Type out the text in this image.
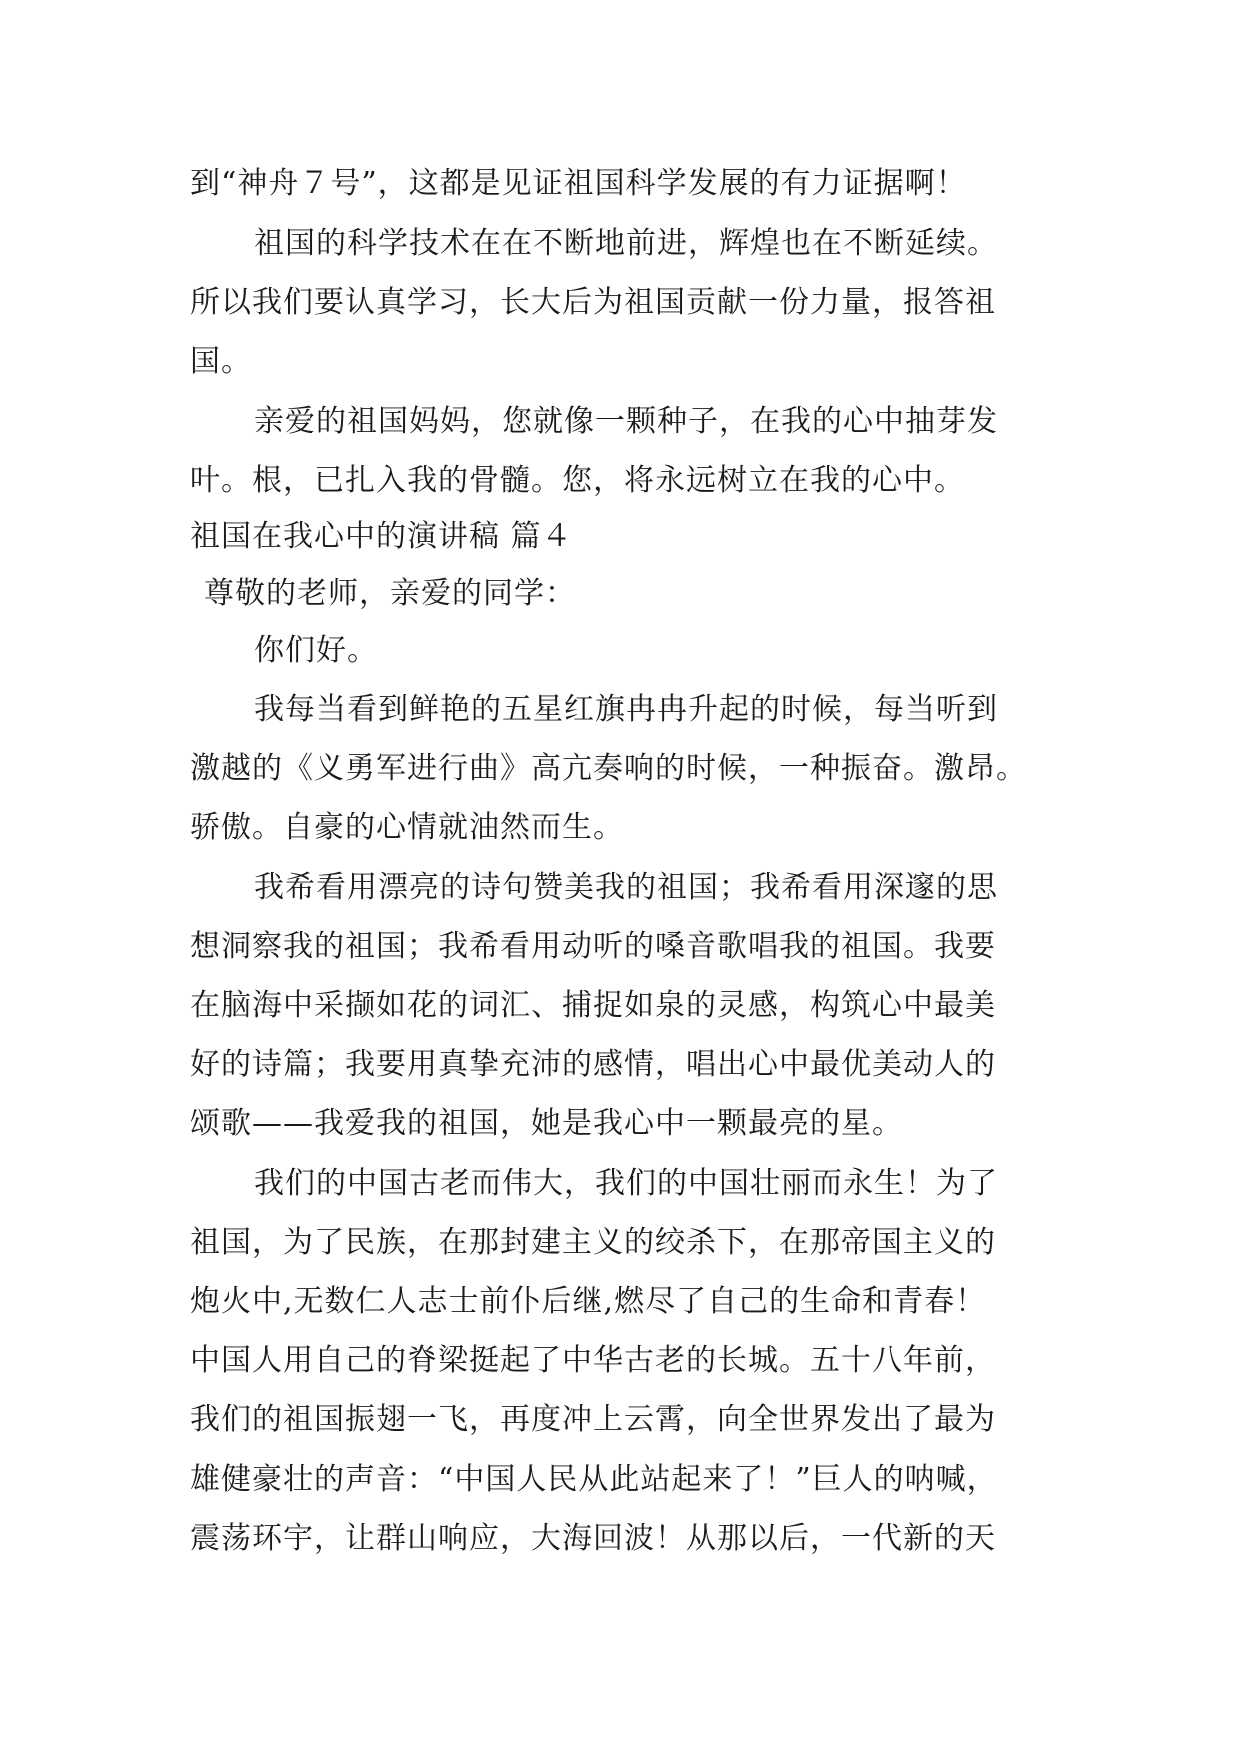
到“神舟７号”，这都是见证祖国科学发展的有力证据啊！
祖国的科学技术在在不断地前进，辉煌也在不断延续。
所以我们要认真学习，长大后为祖国贡献一份力量，报答祖
国。
亲爱的祖国妈妈，您就像一颗种子，在我的心中抽芽发
叶。根，已扎入我的骨髓。您，将永远树立在我的心中。
祖国在我心中的演讲稿 篇４
尊敬的老师，亲爱的同学：
你们好。
我每当看到鲜艳的五星红旗冉冉升起的时候，每当听到
激越的《义勇军进行曲》高亢奏响的时候，一种振奋。激昂。
骄傲。自豪的心情就油然而生。
我希看用漂亮的诗句赞美我的祖国；我希看用深邃的思
想洞察我的祖国；我希看用动听的嗓音歌唱我的祖国。我要
在脑海中采撷如花的词汇、捕捉如泉的灵感，构筑心中最美
好的诗篇；我要用真挚充沛的感情，唱出心中最优美动人的
颂歌——我爱我的祖国，她是我心中一颗最亮的星。
我们的中国古老而伟大，我们的中国壮丽而永生！为了
祖国，为了民族，在那封建主义的绞杀下，在那帝国主义的
炮火中,无数仁人志士前仆后继,燃尽了自己的生命和青春！
中国人用自己的脊梁挺起了中华古老的长城。五十八年前，
我们的祖国振翅一飞，再度冲上云霄，向全世界发出了最为
雄健豪壮的声音：“中国人民从此站起来了！”巨人的呐喊，
震荡环宇，让群山响应，大海回波！从那以后，一代新的天
